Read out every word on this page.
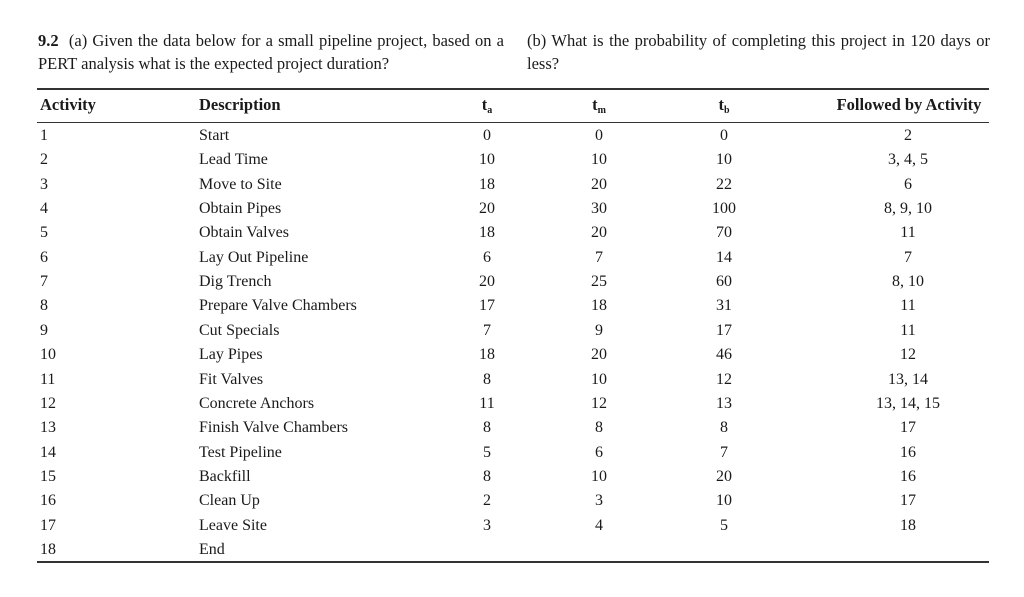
9.2 (a) Given the data below for a small pipeline project, based on a PERT analysis what is the expected project duration?
(b) What is the probability of completing this project in 120 days or less?
Activity	Description	$t_a$	$t_m$	$t_b$	Followed by Activity
1	Start	0	0	0	2
2	Lead Time	10	10	10	3, 4, 5
3	Move to Site	18	20	22	6
4	Obtain Pipes	20	30	100	8, 9, 10
5	Obtain Valves	18	20	70	11
6	Lay Out Pipeline	6	7	14	7
7	Dig Trench	20	25	60	8, 10
8	Prepare Valve Chambers	17	18	31	11
9	Cut Specials	7	9	17	11
10	Lay Pipes	18	20	46	12
11	Fit Valves	8	10	12	13, 14
12	Concrete Anchors	11	12	13	13, 14, 15
13	Finish Valve Chambers	8	8	8	17
14	Test Pipeline	5	6	7	16
15	Backfill	8	10	20	16
16	Clean Up	2	3	10	17
17	Leave Site	3	4	5	18
18	End
